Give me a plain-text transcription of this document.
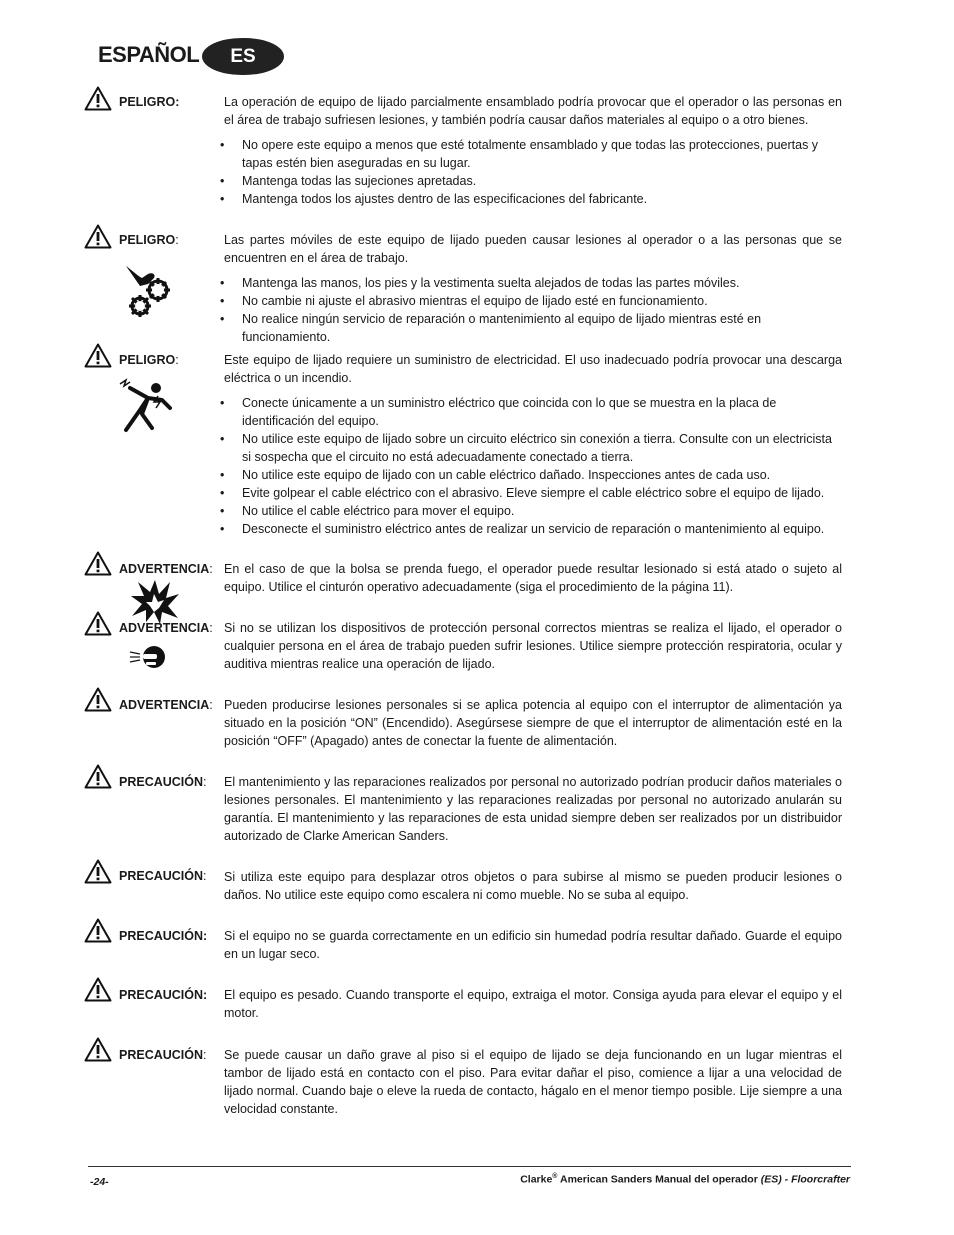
ESPAÑOL	ES
PELIGRO:	La operación de equipo de lijado parcialmente ensamblado podría provocar que el operador o las personas en el área de trabajo sufriesen lesiones, y también podría causar daños materiales al equipo o a otro bienes.
• No opere este equipo a menos que esté totalmente ensamblado y que todas las protecciones, puertas y tapas estén bien aseguradas en su lugar.
• Mantenga todas las sujeciones apretadas.
• Mantenga todos los ajustes dentro de las especificaciones del fabricante.
PELIGRO:	Las partes móviles de este equipo de lijado pueden causar lesiones al operador o a las personas que se encuentren en el área de trabajo.
• Mantenga las manos, los pies y la vestimenta suelta alejados de todas las partes móviles.
• No cambie ni ajuste el abrasivo mientras el equipo de lijado esté en funcionamiento.
• No realice ningún servicio de reparación o mantenimiento al equipo de lijado mientras esté en funcionamiento.
PELIGRO:	Este equipo de lijado requiere un suministro de electricidad. El uso inadecuado podría provocar una descarga eléctrica o un incendio.
• Conecte únicamente a un suministro eléctrico que coincida con lo que se muestra en la placa de identificación del equipo.
• No utilice este equipo de lijado sobre un circuito eléctrico sin conexión a tierra. Consulte con un electricista si sospecha que el circuito no está adecuadamente conectado a tierra.
• No utilice este equipo de lijado con un cable eléctrico dañado. Inspecciones antes de cada uso.
• Evite golpear el cable eléctrico con el abrasivo. Eleve siempre el cable eléctrico sobre el equipo de lijado.
• No utilice el cable eléctrico para mover el equipo.
• Desconecte el suministro eléctrico antes de realizar un servicio de reparación o mantenimiento al equipo.
ADVERTENCIA: En el caso de que la bolsa se prenda fuego, el operador puede resultar lesionado si está atado o sujeto al equipo. Utilice el cinturón operativo adecuadamente (siga el procedimiento de la página 11).
ADVERTENCIA: Si no se utilizan los dispositivos de protección personal correctos mientras se realiza el lijado, el operador o cualquier persona en el área de trabajo pueden sufrir lesiones. Utilice siempre protección respiratoria, ocular y auditiva mientras realice una operación de lijado.
ADVERTENCIA: Pueden producirse lesiones personales si se aplica potencia al equipo con el interruptor de alimentación ya situado en la posición “ON” (Encendido). Asegúrsese siempre de que el interruptor de alimentación esté en la posición “OFF” (Apagado) antes de conectar la fuente de alimentación.
PRECAUCIÓN: El mantenimiento y las reparaciones realizados por personal no autorizado podrían producir daños materiales o lesiones personales. El mantenimiento y las reparaciones realizadas por personal no autorizado anularán su garantía. El mantenimiento y las reparaciones de esta unidad siempre deben ser realizados por un distribuidor autorizado de Clarke American Sanders.
PRECAUCIÓN: Si utiliza este equipo para desplazar otros objetos o para subirse al mismo se pueden producir lesiones o daños. No utilice este equipo como escalera ni como mueble. No se suba al equipo.
PRECAUCIÓN: Si el equipo no se guarda correctamente en un edificio sin humedad podría resultar dañado. Guarde el equipo en un lugar seco.
PRECAUCIÓN: El equipo es pesado. Cuando transporte el equipo, extraiga el motor. Consiga ayuda para elevar el equipo y el motor.
PRECAUCIÓN: Se puede causar un daño grave al piso si el equipo de lijado se deja funcionando en un lugar mientras el tambor de lijado está en contacto con el piso. Para evitar dañar el piso, comience a lijar a una velocidad de lijado normal. Cuando baje o eleve la rueda de contacto, hágalo en el menor tiempo posible. Lije siempre a una velocidad constante.
-24-	Clarke® American Sanders Manual del operador (ES) - Floorcrafter
